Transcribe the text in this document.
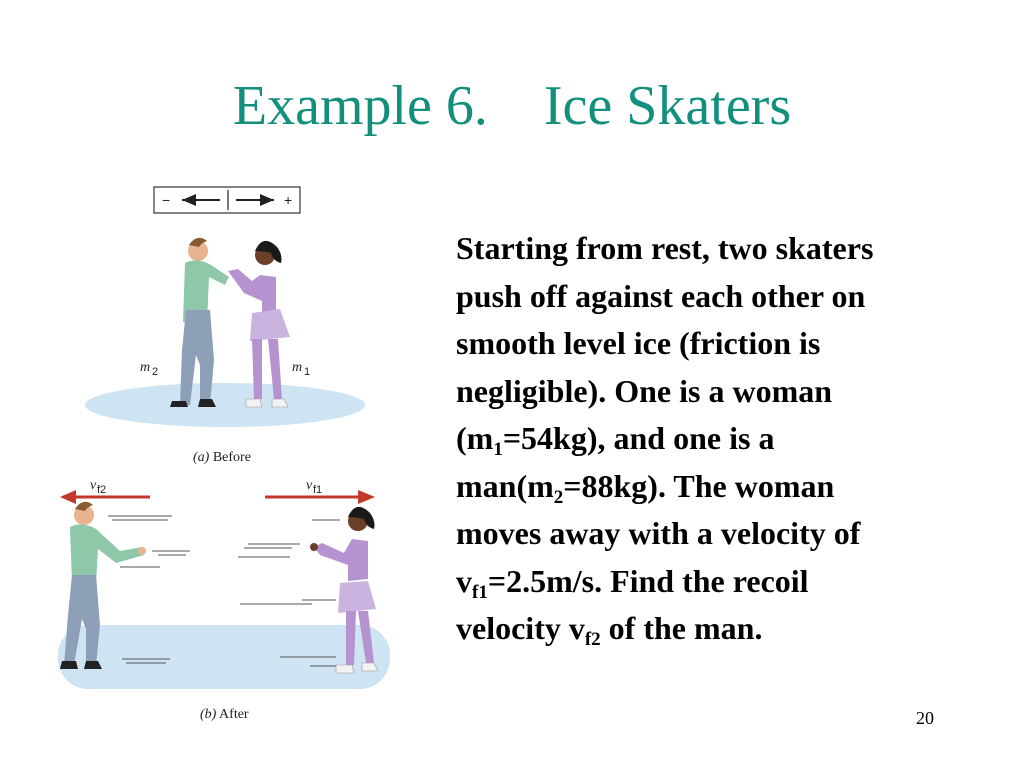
Example 6.    Ice Skaters
−	+
m 2	m 1
(a) Before
v f2	v f1
(b) After
Starting from rest, two skaters
push off against each other on
smooth level ice (friction is
negligible). One is a woman
$(m_1=54kg)$, and one is a
$man(m_2=88kg)$. The woman
moves away with a velocity of
$v_{f1}=2.5m/s$. Find the recoil
velocity $v_{f2}$ of the man.
20
